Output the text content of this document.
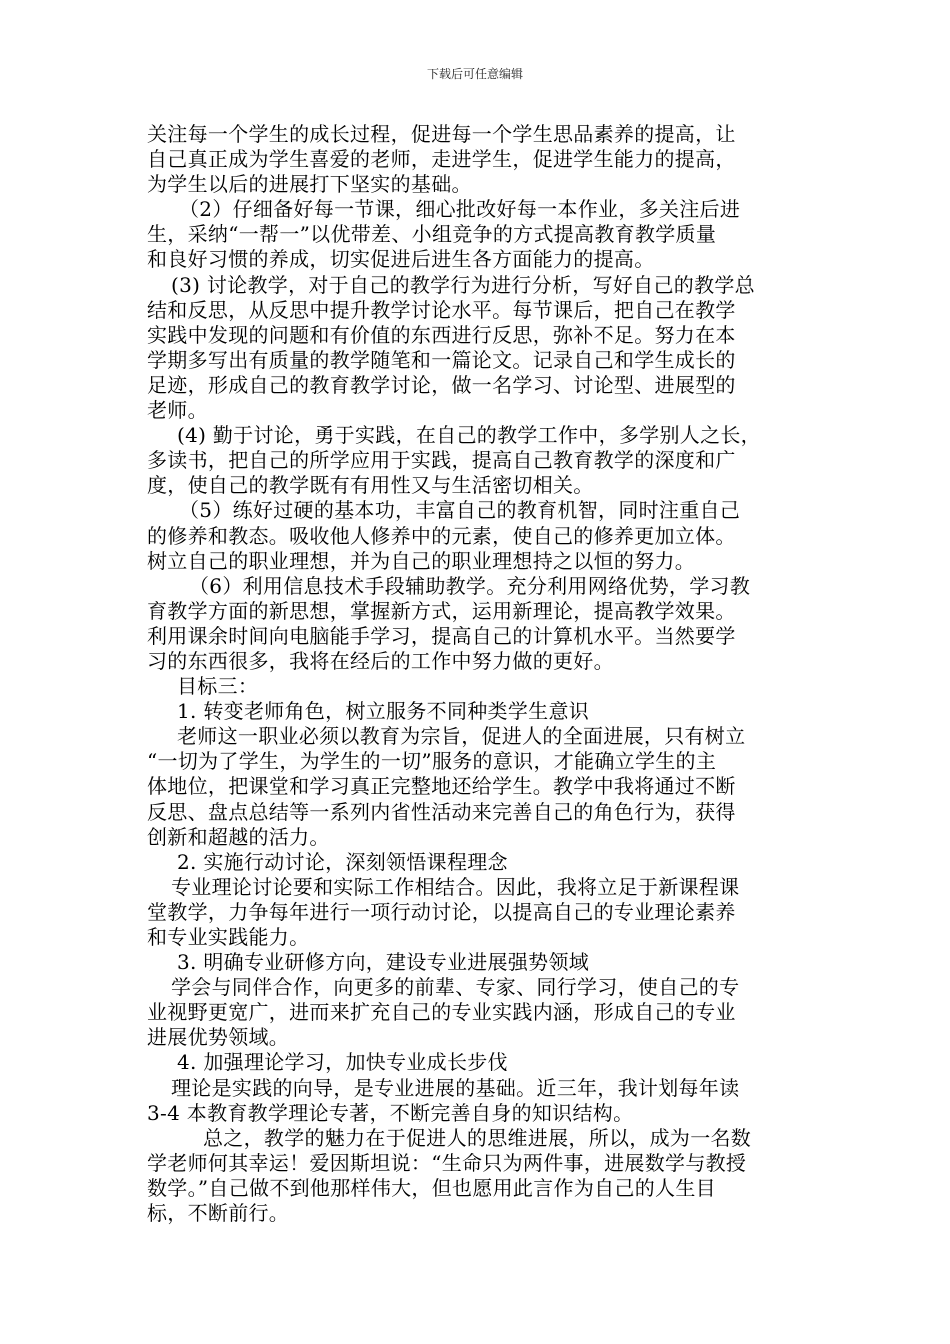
下载后可任意编辑

关注每一个学生的成长过程，促进每一个学生思品素养的提高，让

自己真正成为学生喜爱的老师，走进学生，促进学生能力的提高，

为学生以后的进展打下坚实的基础。

（2）仔细备好每一节课，细心批改好每一本作业，多关注后进

生，采纳“一帮一”以优带差、小组竞争的方式提高教育教学质量

和良好习惯的养成，切实促进后进生各方面能力的提高。

(3) 讨论教学，对于自己的教学行为进行分析，写好自己的教学总

结和反思，从反思中提升教学讨论水平。每节课后，把自己在教学

实践中发现的问题和有价值的东西进行反思，弥补不足。努力在本

学期多写出有质量的教学随笔和一篇论文。记录自己和学生成长的

足迹，形成自己的教育教学讨论，做一名学习、讨论型、进展型的

老师。

(4) 勤于讨论，勇于实践，在自己的教学工作中，多学别人之长，

多读书，把自己的所学应用于实践，提高自己教育教学的深度和广

度，使自己的教学既有有用性又与生活密切相关。

（5）练好过硬的基本功，丰富自己的教育机智，同时注重自己

的修养和教态。吸收他人修养中的元素，使自己的修养更加立体。

树立自己的职业理想，并为自己的职业理想持之以恒的努力。

（6）利用信息技术手段辅助教学。充分利用网络优势，学习教

育教学方面的新思想，掌握新方式，运用新理论，提高教学效果。

利用课余时间向电脑能手学习，提高自己的计算机水平。当然要学

习的东西很多，我将在经后的工作中努力做的更好。

目标三：

1. 转变老师角色，树立服务不同种类学生意识

老师这一职业必须以教育为宗旨，促进人的全面进展，只有树立

“一切为了学生，为学生的一切”服务的意识，才能确立学生的主

体地位，把课堂和学习真正完整地还给学生。教学中我将通过不断

反思、盘点总结等一系列内省性活动来完善自己的角色行为，获得

创新和超越的活力。

2. 实施行动讨论，深刻领悟课程理念

专业理论讨论要和实际工作相结合。因此，我将立足于新课程课

堂教学，力争每年进行一项行动讨论，以提高自己的专业理论素养

和专业实践能力。

3. 明确专业研修方向，建设专业进展强势领域

学会与同伴合作，向更多的前辈、专家、同行学习，使自己的专

业视野更宽广，进而来扩充自己的专业实践内涵，形成自己的专业

进展优势领域。

4. 加强理论学习，加快专业成长步伐

理论是实践的向导，是专业进展的基础。近三年，我计划每年读

3-4 本教育教学理论专著，不断完善自身的知识结构。

总之，教学的魅力在于促进人的思维进展，所以，成为一名数

学老师何其幸运！爱因斯坦说：“生命只为两件事，进展数学与教授

数学。”自己做不到他那样伟大，但也愿用此言作为自己的人生目

标，不断前行。
